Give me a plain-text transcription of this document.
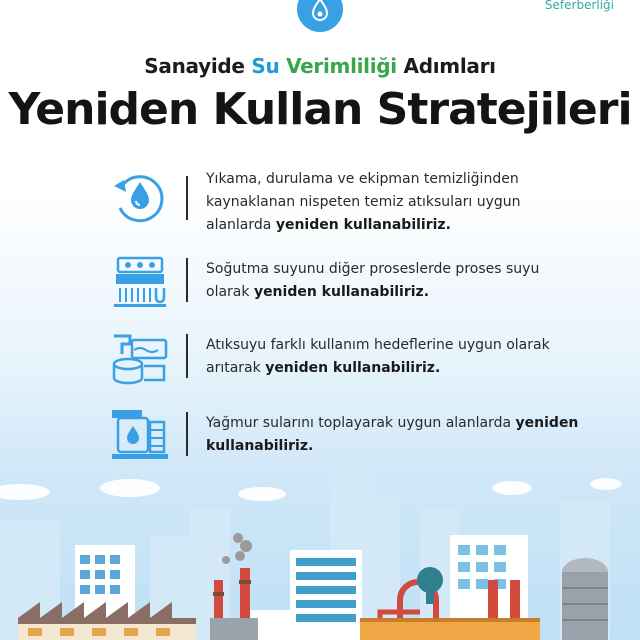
Seferberliği
Sanayide Su Verimliliği Adımları
Yeniden Kullan Stratejileri
Yıkama, durulama ve ekipman temizliğinden kaynaklanan nispeten temiz atıksuları uygun alanlarda yeniden kullanabiliriz.
Soğutma suyunu diğer proseslerde proses suyu olarak yeniden kullanabiliriz.
Atıksuyu farklı kullanım hedeflerine uygun olarak arıtarak yeniden kullanabiliriz.
Yağmur sularını toplayarak uygun alanlarda yeniden kullanabiliriz.
